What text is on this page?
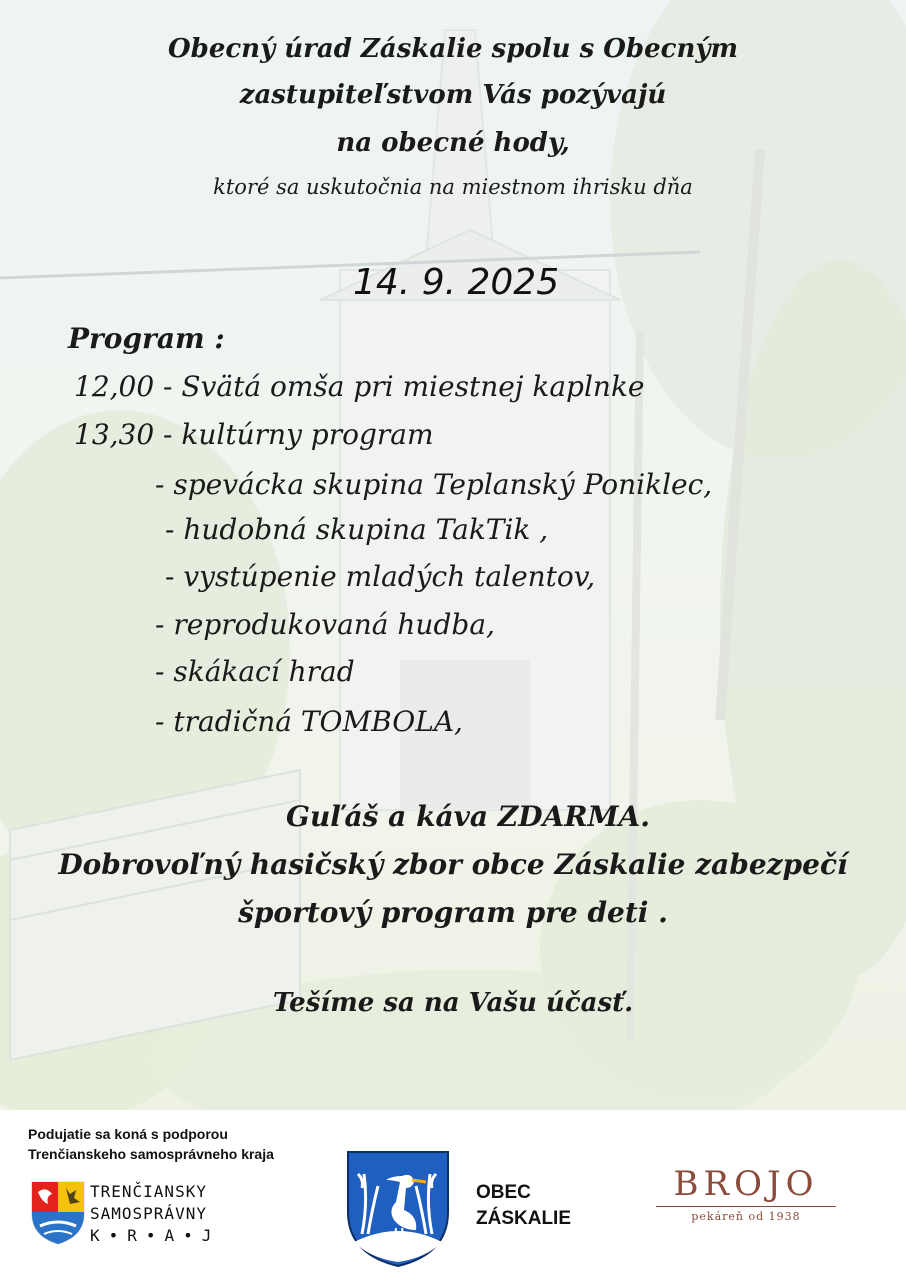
Obecný úrad Záskalie spolu s Obecným
zastupiteľstvom Vás pozývajú
na obecné hody,
ktoré sa uskutočnia na miestnom ihrisku dňa
14. 9. 2025
Program :
12,00 - Svätá omša pri miestnej kaplnke
13,30 - kultúrny program
- spevácka skupina Teplanský Poniklec,
- hudobná skupina TakTik ,
- vystúpenie mladých talentov,
- reprodukovaná hudba,
- skákací hrad
- tradičná TOMBOLA,
Guľáš a káva ZDARMA.
Dobrovoľný hasičský zbor obce Záskalie zabezpečí
športový program pre deti .
Tešíme sa na Vašu účasť.
Podujatie sa koná s podporou
Trenčianskeho samosprávneho kraja
TRENČIANSKY
SAMOSPRÁVNY
K•R•A•J
OBEC
ZÁSKALIE
BROJO
pekáreň od 1938
